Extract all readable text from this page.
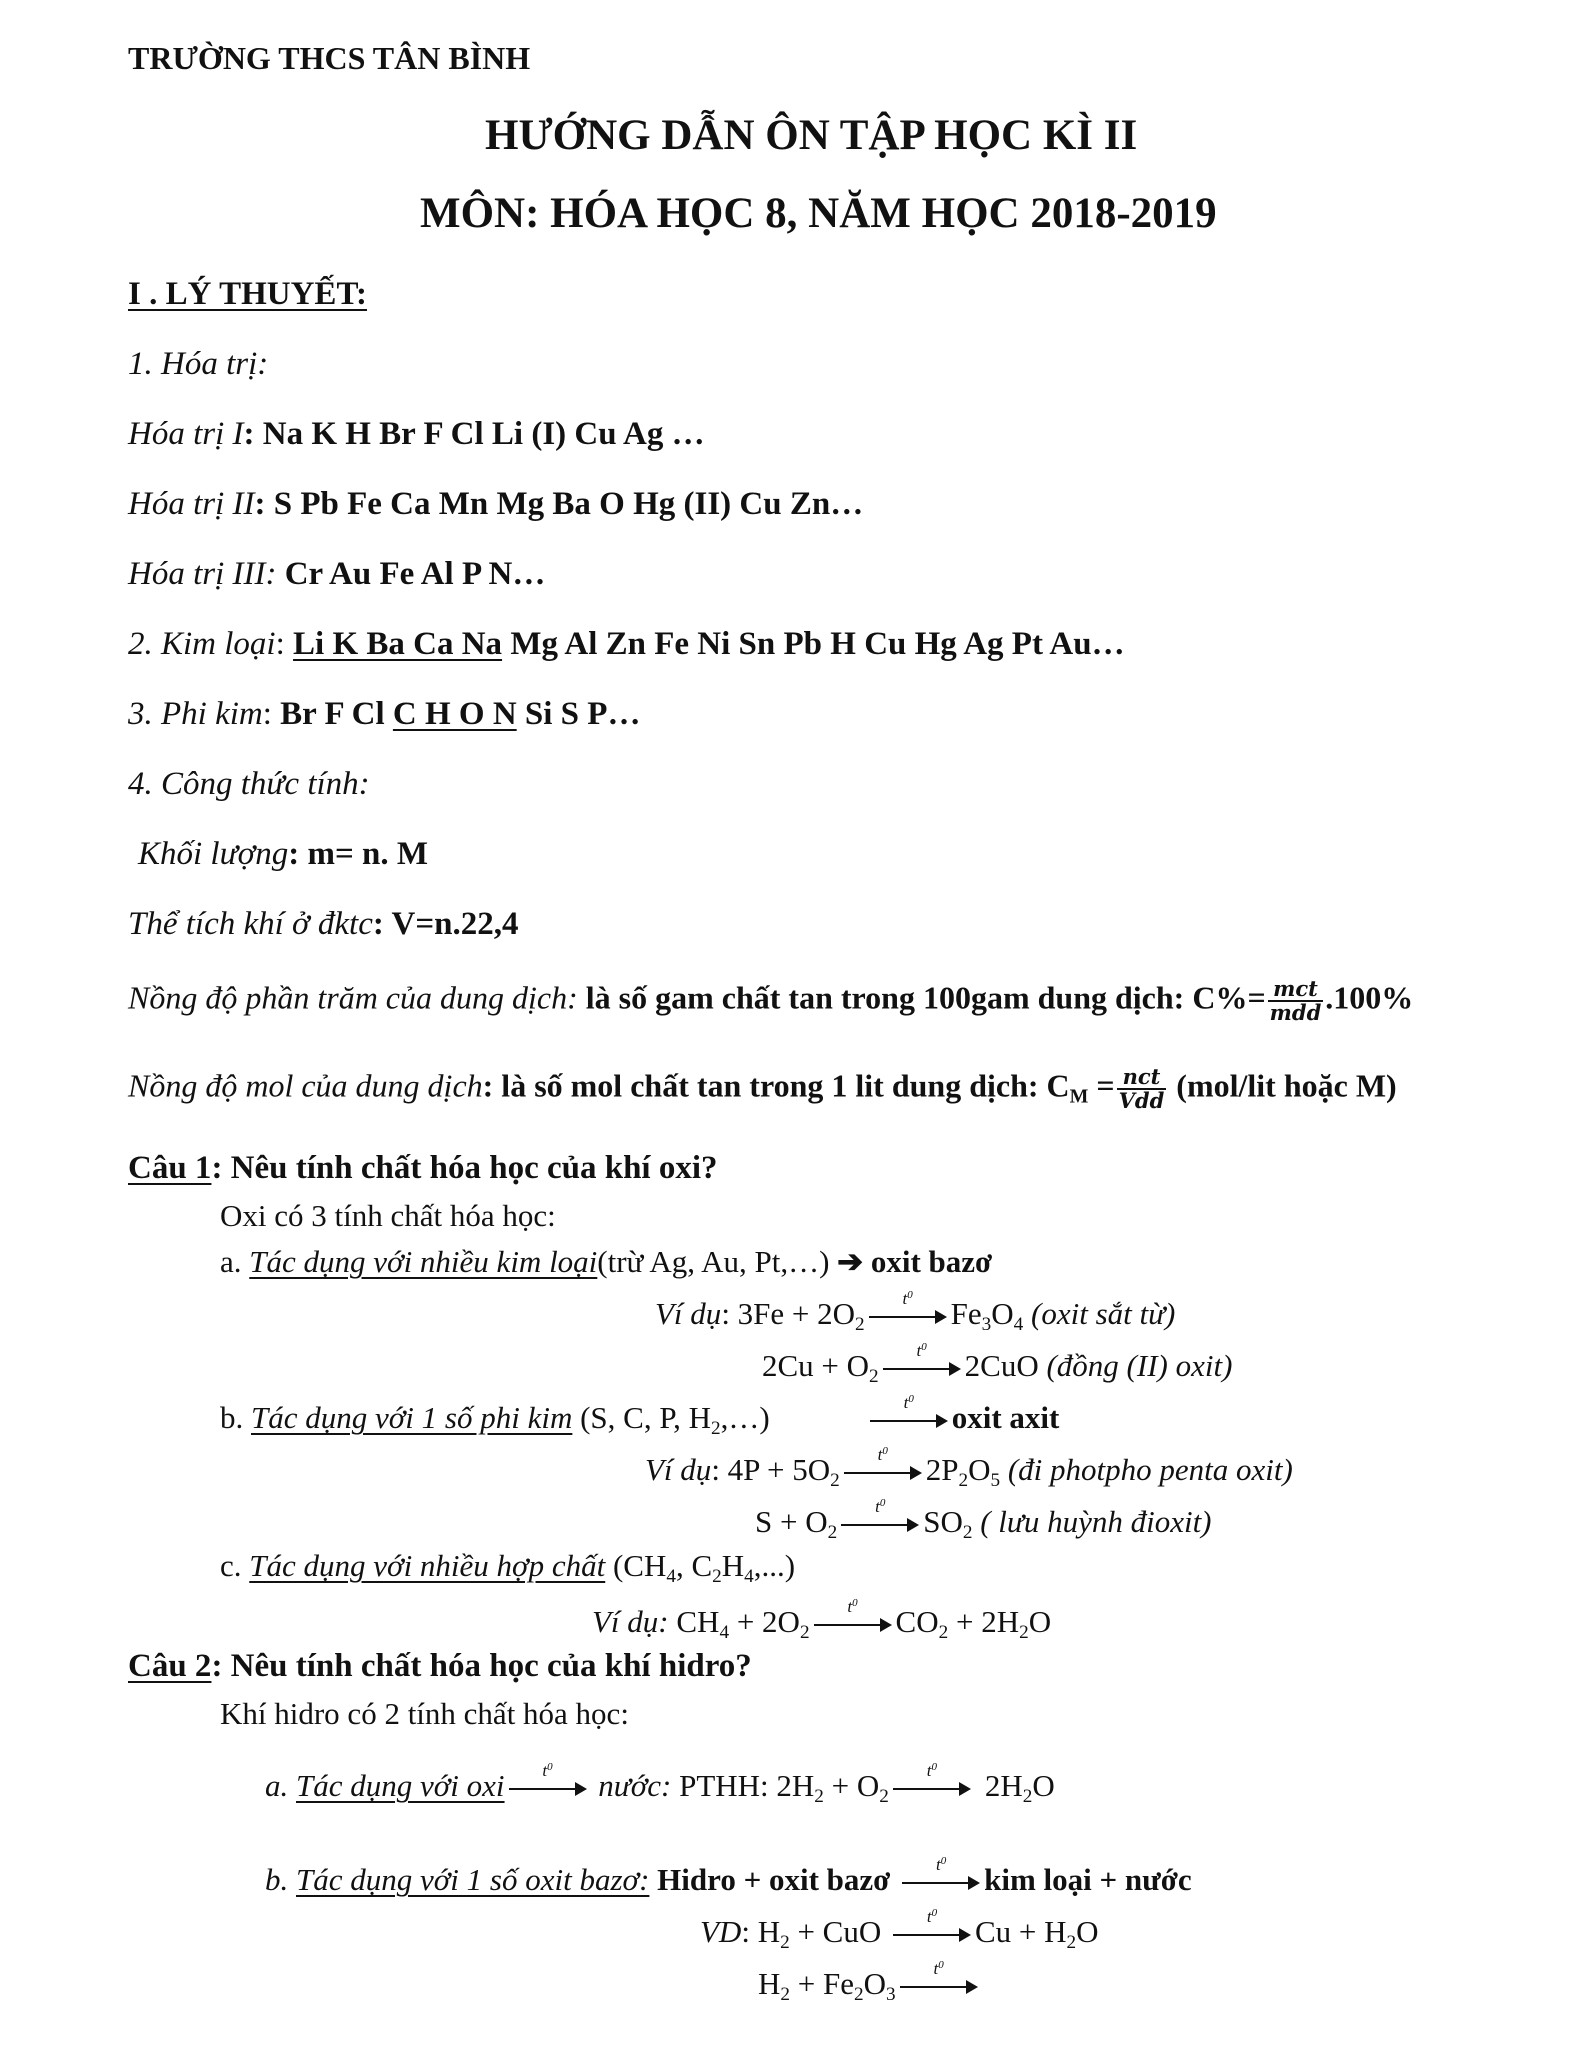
TRƯỜNG THCS TÂN BÌNH
HƯỚNG DẪN ÔN TẬP HỌC KÌ II
MÔN: HÓA HỌC 8, NĂM HỌC 2018-2019
I . LÝ THUYẾT:
1. Hóa trị:
Hóa trị I: Na K H Br F Cl Li (I) Cu Ag …
Hóa trị II: S Pb Fe Ca Mn Mg Ba O Hg (II) Cu Zn…
Hóa trị III: Cr Au Fe Al P N…
2. Kim loại: Li K Ba Ca Na Mg Al Zn Fe Ni Sn Pb H Cu Hg Ag Pt Au…
3. Phi kim: Br F Cl C H O N Si S P…
4. Công thức tính:
Khối lượng: m= n. M
Thể tích khí ở đktc: V=n.22,4
Nồng độ phần trăm của dung dịch: là số gam chất tan trong 100gam dung dịch: $C\%= \frac{\text{mct}}{\text{mdd}} .100\%$
Nồng độ mol của dung dịch: là số mol chất tan trong 1 lit dung dịch: $C_M = \frac{\text{nct}}{\text{Vdd}} (mol/lit$ hoặc M)
Câu 1: Nêu tính chất hóa học của khí oxi?
Oxi có 3 tính chất hóa học:
a. Tác dụng với nhiều kim loại(trừ Ag, Au, Pt,…) ➔ oxit bazơ
Ví dụ: $3Fe + 2O_2$
$t^0$
$Fe_3O_4$ (oxit sắt từ)
$2Cu + O_2$
$t^0$
2CuO (đồng (II) oxit)
b. Tác dụng với 1 số phi kim (S, C, P, $H_2,\dots$)	$t^0$
oxit axit
Ví dụ: $4P + 5O_2$
$t^0$
$2P_2O_5$ (đi photpho penta oxit)
$S + O_2$
$t^0$
$SO_2$ ( lưu huỳnh đioxit)
c. Tác dụng với nhiều hợp chất ($CH_4$, $C_2H_4$,...)
Ví dụ: $CH_4 + 2O_2$
$t^0$
$CO_2 + 2H_2O$
Câu 2: Nêu tính chất hóa học của khí hidro?
Khí hidro có 2 tính chất hóa học:
a. Tác dụng với oxi $t^0$
nước: PTHH: $2H_2 + O_2$
$t^0$
$2H_2O$
b. Tác dụng với 1 số oxit bazơ: Hidro + oxit bazơ $t^0$
kim loại + nước
VD: $H_2$ + CuO $t^0$
$Cu + H_2O$
$H_2 + Fe_2O_3$
$t^0$
